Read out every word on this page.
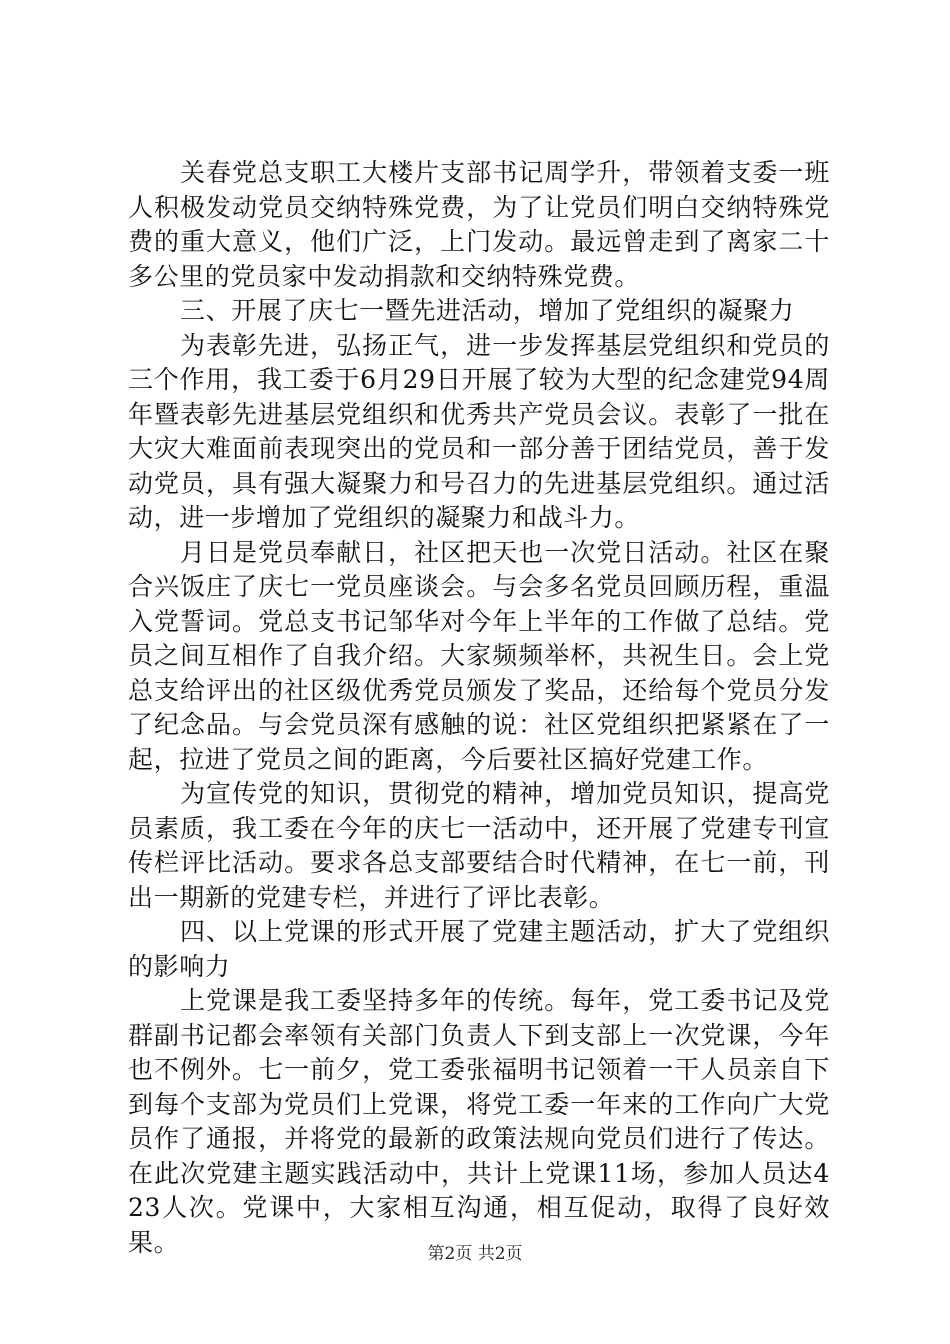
关春党总支职工大楼片支部书记周学升，带领着支委一班人积极发动党员交纳特殊党费，为了让党员们明白交纳特殊党费的重大意义，他们广泛，上门发动。最远曾走到了离家二十多公里的党员家中发动捐款和交纳特殊党费。

三、开展了庆七一暨先进活动，增加了党组织的凝聚力

为表彰先进，弘扬正气，进一步发挥基层党组织和党员的三个作用，我工委于6月29日开展了较为大型的纪念建党94周年暨表彰先进基层党组织和优秀共产党员会议。表彰了一批在大灾大难面前表现突出的党员和一部分善于团结党员，善于发动党员，具有强大凝聚力和号召力的先进基层党组织。通过活动，进一步增加了党组织的凝聚力和战斗力。

月日是党员奉献日，社区把天也一次党日活动。社区在聚合兴饭庄了庆七一党员座谈会。与会多名党员回顾历程，重温入党誓词。党总支书记邹华对今年上半年的工作做了总结。党员之间互相作了自我介绍。大家频频举杯，共祝生日。会上党总支给评出的社区级优秀党员颁发了奖品，还给每个党员分发了纪念品。与会党员深有感触的说：社区党组织把紧紧在了一起，拉进了党员之间的距离，今后要社区搞好党建工作。

为宣传党的知识，贯彻党的精神，增加党员知识，提高党员素质，我工委在今年的庆七一活动中，还开展了党建专刊宣传栏评比活动。要求各总支部要结合时代精神，在七一前，刊出一期新的党建专栏，并进行了评比表彰。

四、以上党课的形式开展了党建主题活动，扩大了党组织的影响力

上党课是我工委坚持多年的传统。每年，党工委书记及党群副书记都会率领有关部门负责人下到支部上一次党课，今年也不例外。七一前夕，党工委张福明书记领着一干人员亲自下到每个支部为党员们上党课，将党工委一年来的工作向广大党员作了通报，并将党的最新的政策法规向党员们进行了传达。在此次党建主题实践活动中，共计上党课11场，参加人员达423人次。党课中，大家相互沟通，相互促动，取得了良好效果。	第2页 共2页
